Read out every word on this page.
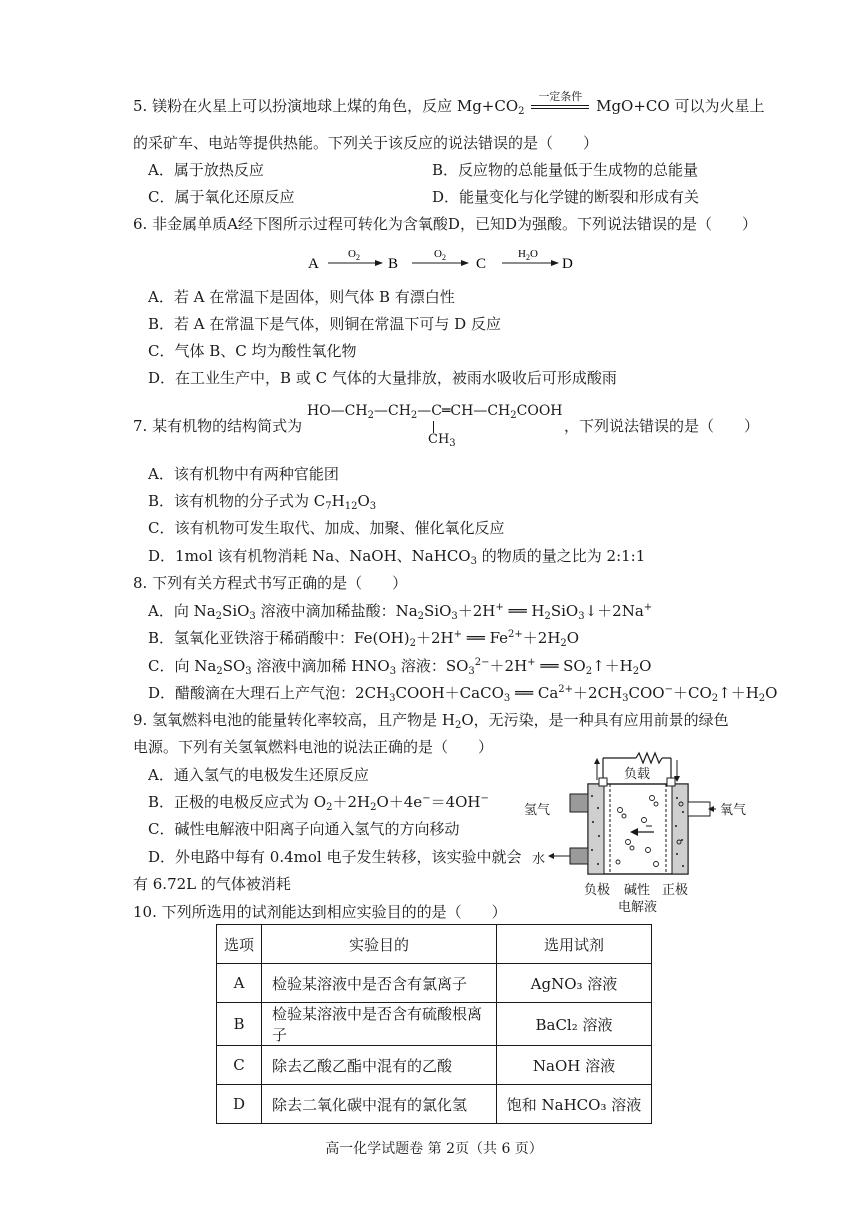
5. 镁粉在火星上可以扮演地球上煤的角色，反应 $Mg+CO_2$
一定条件
MgO+CO 可以为火星上
的采矿车、电站等提供热能。下列关于该反应的说法错误的是（　　）
A．属于放热反应	B．反应物的总能量低于生成物的总能量
C．属于氧化还原反应	D．能量变化与化学键的断裂和形成有关
6. 非金属单质A经下图所示过程可转化为含氧酸D，已知D为强酸。下列说法错误的是（　　）
A
$O_2$ B
$O_2$ C
$H_2O$
D
A．若 A 在常温下是固体，则气体 B 有漂白性
B．若 A 在常温下是气体，则铜在常温下可与 D 反应
C．气体 B、C 均为酸性氧化物
D．在工业生产中，B 或 C 气体的大量排放，被雨水吸收后可形成酸雨
$HO—CH_2—CH_2—C═CH—CH_2COOH$
$CH_3$
7. 某有机物的结构简式为	，下列说法错误的是（　　）
A．该有机物中有两种官能团
B．该有机物的分子式为 $C_7H_{12}O_3$
C．该有机物可发生取代、加成、加聚、催化氧化反应
D．1mol 该有机物消耗 Na、NaOH、NaHCO$_3$ 的物质的量之比为 2:1:1
8. 下列有关方程式书写正确的是（　　）
A．向 $Na_2SiO_3$ 溶液中滴加稀盐酸：$Na_2SiO_3+2H^+$ ══ $H_2SiO_3↓+2Na^+$
B．氢氧化亚铁溶于稀硝酸中：$Fe(OH)_2+2H^+$ ══ $Fe^{2+}+2H_2O$
C．向 $Na_2SO_3$ 溶液中滴加稀 $HNO_3$ 溶液：$SO_3^{2-}+2H^+$ ══ $SO_2↑+H_2O$
D．醋酸滴在大理石上产气泡：$2CH_3COOH+CaCO_3$ ══ $Ca^{2+}+2CH_3COO^-+CO_2↑+H_2O$
9. 氢氧燃料电池的能量转化率较高，且产物是 $H_2O$，无污染，是一种具有应用前景的绿色
电源。下列有关氢氧燃料电池的说法正确的是（　　）
A．通入氢气的电极发生还原反应
B．正极的电极反应式为 $O_2+2H_2O+4e^-=4OH^-$
C．碱性电解液中阳离子向通入氢气的方向移动
D．外电路中每有 0.4mol 电子发生转移，该实验中就会
有 6.72L 的气体被消耗
负载
氢气
水
氧气
负极 碱性
电解液
正极
10. 下列所选用的试剂能达到相应实验目的的是（　　）
选项	实验目的	选用试剂
A	检验某溶液中是否含有氯离子	AgNO₃ 溶液
B	检验某溶液中是否含有硫酸根离子	BaCl₂ 溶液
C	除去乙酸乙酯中混有的乙酸	NaOH 溶液
D	除去二氧化碳中混有的氯化氢	饱和 NaHCO₃ 溶液
高一化学试题卷 第 2页（共 6 页）
